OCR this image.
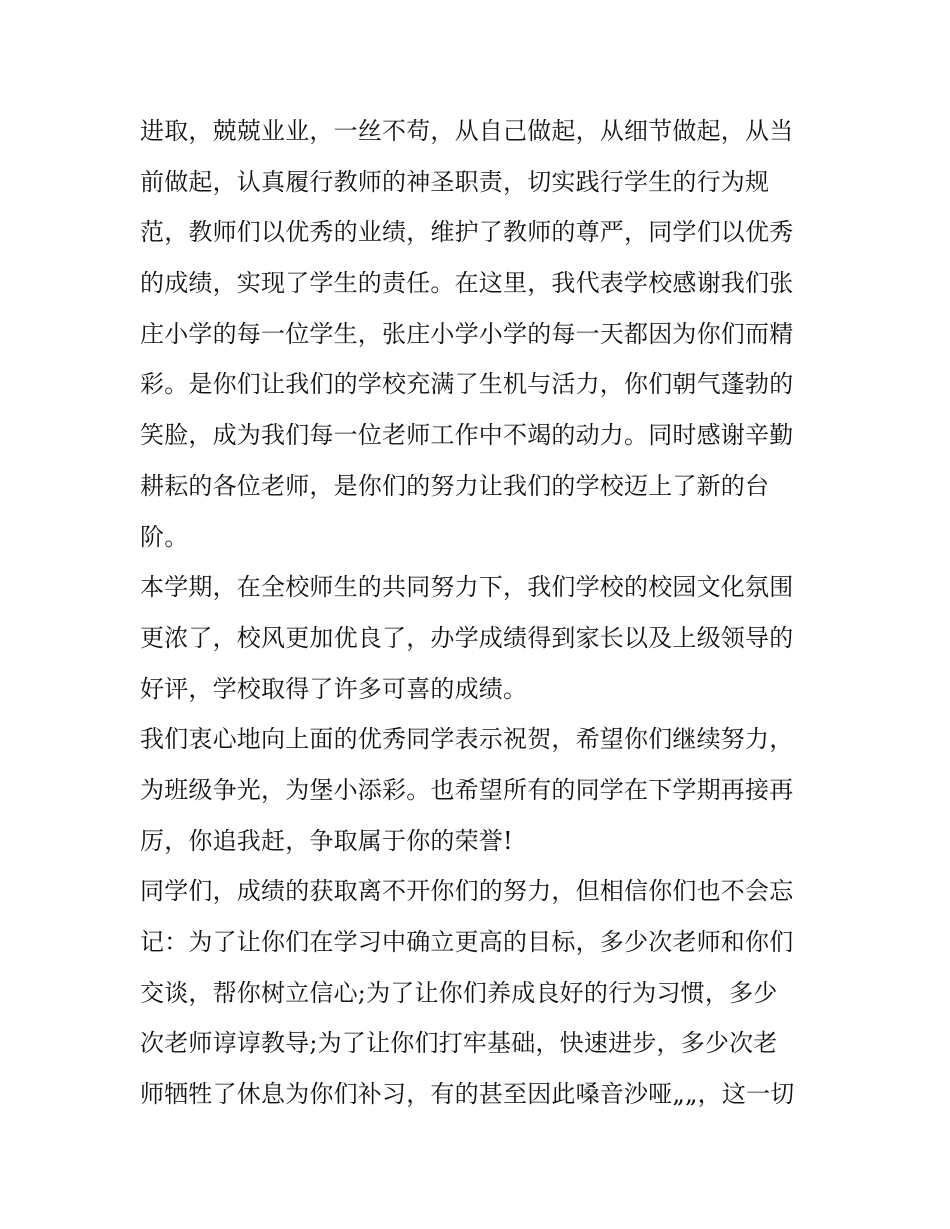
进取，兢兢业业，一丝不苟，从自己做起，从细节做起，从当
前做起，认真履行教师的神圣职责，切实践行学生的行为规
范，教师们以优秀的业绩，维护了教师的尊严，同学们以优秀
的成绩，实现了学生的责任。在这里，我代表学校感谢我们张
庄小学的每一位学生，张庄小学小学的每一天都因为你们而精
彩。是你们让我们的学校充满了生机与活力，你们朝气蓬勃的
笑脸，成为我们每一位老师工作中不竭的动力。同时感谢辛勤
耕耘的各位老师，是你们的努力让我们的学校迈上了新的台
阶。
本学期，在全校师生的共同努力下，我们学校的校园文化氛围
更浓了，校风更加优良了，办学成绩得到家长以及上级领导的
好评，学校取得了许多可喜的成绩。
我们衷心地向上面的优秀同学表示祝贺，希望你们继续努力，
为班级争光，为堡小添彩。也希望所有的同学在下学期再接再
厉，你追我赶，争取属于你的荣誉!
同学们，成绩的获取离不开你们的努力，但相信你们也不会忘
记：为了让你们在学习中确立更高的目标，多少次老师和你们
交谈，帮你树立信心;为了让你们养成良好的行为习惯，多少
次老师谆谆教导;为了让你们打牢基础，快速进步，多少次老
师牺牲了休息为你们补习，有的甚至因此嗓音沙哑„„，这一切
